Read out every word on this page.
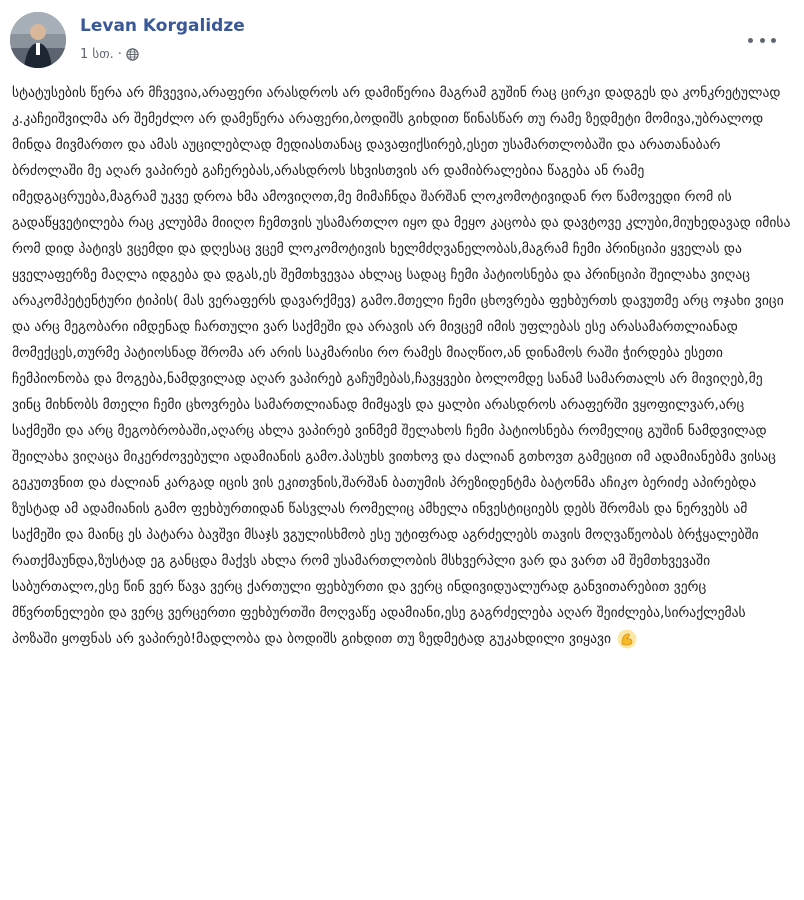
Levan Korgalidze
1 სთ. ·
სტატუსების წერა არ მჩვევია,არაფერი არასდროს არ დამიწერია მაგრამ გუშინ რაც ცირკი დადგეს და კონკრეტულად კ.კაჩეიშვილმა არ შემეძლო არ დამეწერა არაფერი,ბოდიშს გიხდით წინასწარ თუ რამე ზედმეტი მომივა,უბრალოდ მინდა მივმართო და ამას აუცილებლად მედიასთანაც დავაფიქსირებ,ესეთ უსამართლობაში და არათანაბარ ბრძოლაში მე აღარ ვაპირებ გაჩერებას,არასდროს სხვისთვის არ დამიბრალებია წაგება ან რამე იმედგაცრუება,მაგრამ უკვე დროა ხმა ამოვიღოთ,მე მიმაჩნდა შარშან ლოკომოტივიდან რო წამოვედი რომ ის გადაწყვეტილება რაც კლუბმა მიიღო ჩემთვის უსამართლო იყო და მეყო კაცობა და დავტოვე კლუბი,მიუხედავად იმისა რომ დიდ პატივს ვცემდი და დღესაც ვცემ ლოკომოტივის ხელმძღვანელობას,მაგრამ ჩემი პრინციპი ყველას და ყველაფერზე მაღლა იდგება და დგას,ეს შემთხვევაა ახლაც სადაც ჩემი პატიოსნება და პრინციპი შეილახა ვიღაც არაკომპეტენტური ტიპის( მას ვერაფერს დავარქმევ) გამო.მთელი ჩემი ცხოვრება ფეხბურთს დავუთმე არც ოჯახი ვიცი და არც მეგობარი იმდენად ჩართული ვარ საქმეში და არავის არ მივცემ იმის უფლებას ესე არასამართლიანად მომექცეს,თურმე პატიოსნად შრომა არ არის საკმარისი რო რამეს მიაღწიო,ან დინამოს რაში ჭირდება ესეთი ჩემპიონობა და მოგება,ნამდვილად აღარ ვაპირებ გაჩუმებას,ჩავყვები ბოლომდე სანამ სამართალს არ მივიღებ,მე ვინც მიხნობს მთელი ჩემი ცხოვრება სამართლიანად მიმყავს და ყალბი არასდროს არაფერში ვყოფილვარ,არც საქმეში და არც მეგობრობაში,აღარც ახლა ვაპირებ ვინმემ შელახოს ჩემი პატიოსნება რომელიც გუშინ ნამდვილად შეილახა ვიღაცა მიკერძოვებული ადამიანის გამო.პასუხს ვითხოვ და ძალიან გთხოვთ გამეცით იმ ადამიანებმა ვისაც გეკუთვნით და ძალიან კარგად იცის ვის ეკითვნის,შარშან ბათუმის პრეზიდენტმა ბატონმა აჩიკო ბერიძე აპირებდა ზუსტად ამ ადამიანის გამო ფეხბურთიდან წასვლას რომელიც ამხელა ინვესტიციებს დებს შრომას და ნერვებს ამ საქმეში და მაინც ეს პატარა ბავშვი მსაჯს ვგულისხმობ ესე უტიფრად აგრძელებს თავის მოღვაწეობას ბრჭყალებში რათქმაუნდა,ზუსტად ეგ განცდა მაქვს ახლა რომ უსამართლობის მსხვერპლი ვარ და ვართ ამ შემთხვევაში საბურთალო,ესე წინ ვერ წავა ვერც ქართული ფეხბურთი და ვერც ინდივიდუალურად განვითარებით ვერც მწვრთნელები და ვერც ვერცერთი ფეხბურთში მოღვაწე ადამიანი,ესე გაგრძელება აღარ შეიძლება,სირაქლემას პოზაში ყოფნას არ ვაპირებ!მადლობა და ბოდიშს გიხდით თუ ზედმეტად გუკახდილი ვიყავი
